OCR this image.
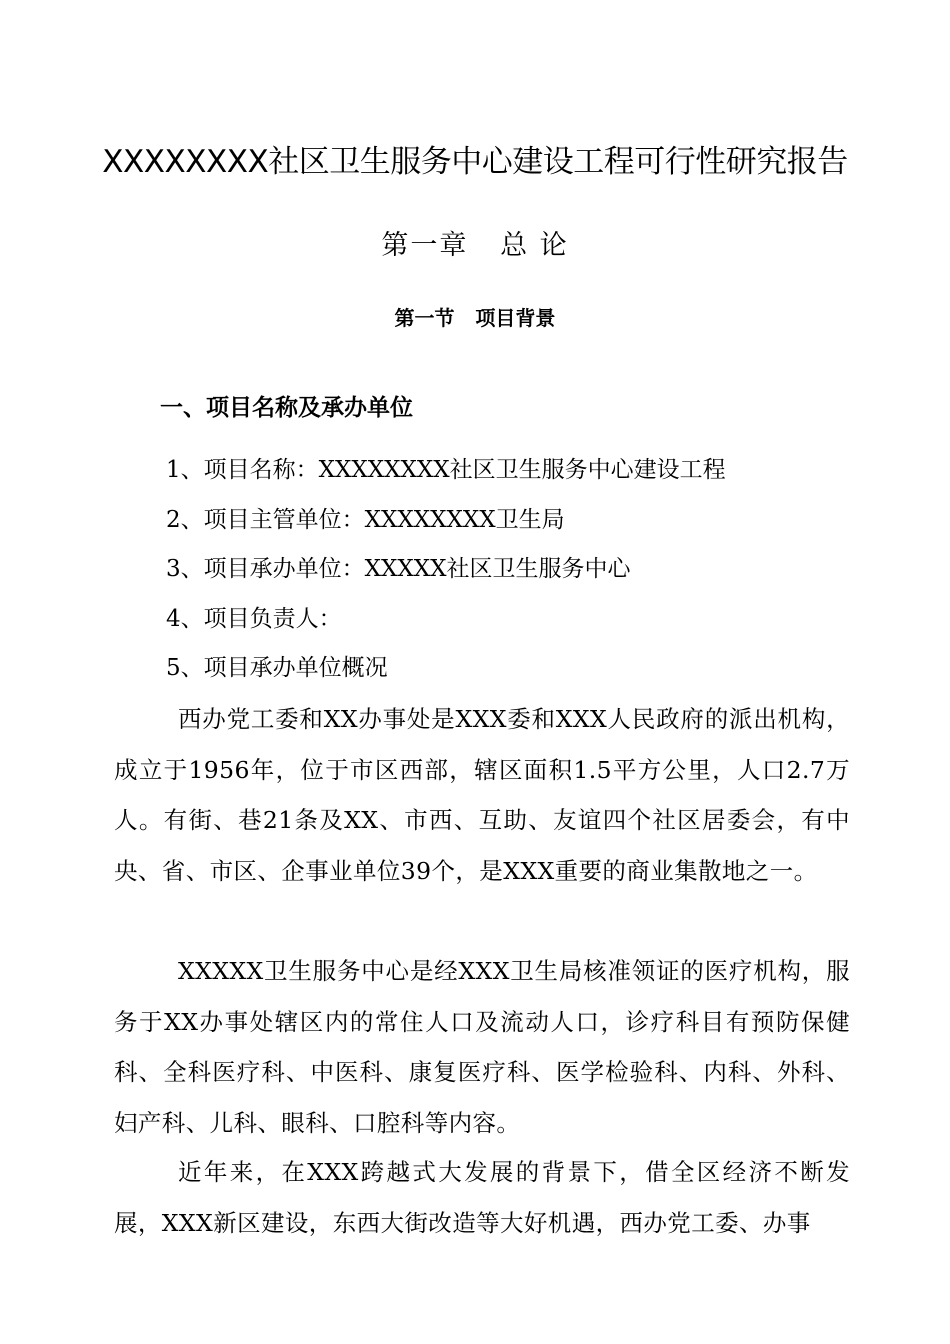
XXXXXXXX社区卫生服务中心建设工程可行性研究报告
第一章   总 论
第一节   项目背景
一、项目名称及承办单位

1、项目名称：XXXXXXXX社区卫生服务中心建设工程

2、项目主管单位：XXXXXXXX卫生局

3、项目承办单位：XXXXX社区卫生服务中心

4、项目负责人：

5、项目承办单位概况

西办党工委和XX办事处是XXX委和XXX人民政府的派出机构，成立于1956年，位于市区西部，辖区面积1.5平方公里，人口2.7万人。有街、巷21条及XX、市西、互助、友谊四个社区居委会，有中央、省、市区、企事业单位39个，是XXX重要的商业集散地之一。

XXXXX卫生服务中心是经XXX卫生局核准领证的医疗机构，服务于XX办事处辖区内的常住人口及流动人口，诊疗科目有预防保健科、全科医疗科、中医科、康复医疗科、医学检验科、内科、外科、妇产科、儿科、眼科、口腔科等内容。

近年来，在XXX跨越式大发展的背景下，借全区经济不断发展，XXX新区建设，东西大街改造等大好机遇，西办党工委、办事
